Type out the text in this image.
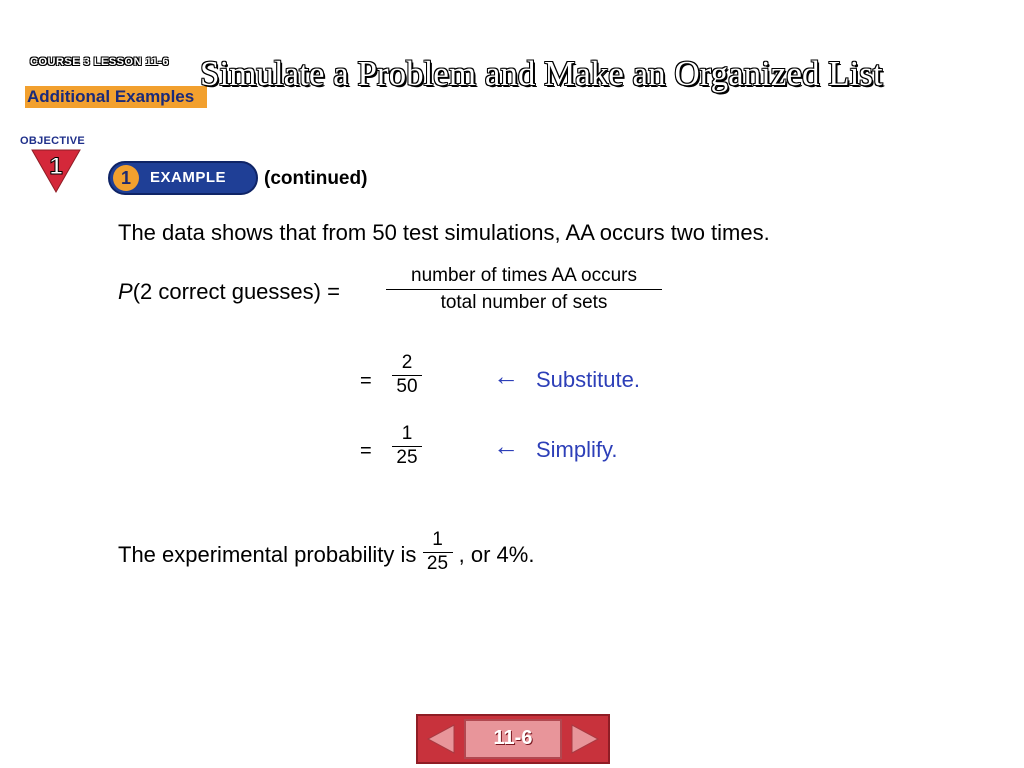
COURSE 3 LESSON 11-6
Additional Examples
Simulate a Problem and Make an Organized List
OBJECTIVE
1	1	EXAMPLE (continued)
The data shows that from 50 test simulations, AA occurs two times.
P(2 correct guesses) =
number of times AA occurs
total number of sets
= $\frac{2}{50}$	← Substitute.
= $\frac{1}{25}$	← Simplify.
The experimental probability is $\frac{1}{25}$ , or 4%.
11-6
